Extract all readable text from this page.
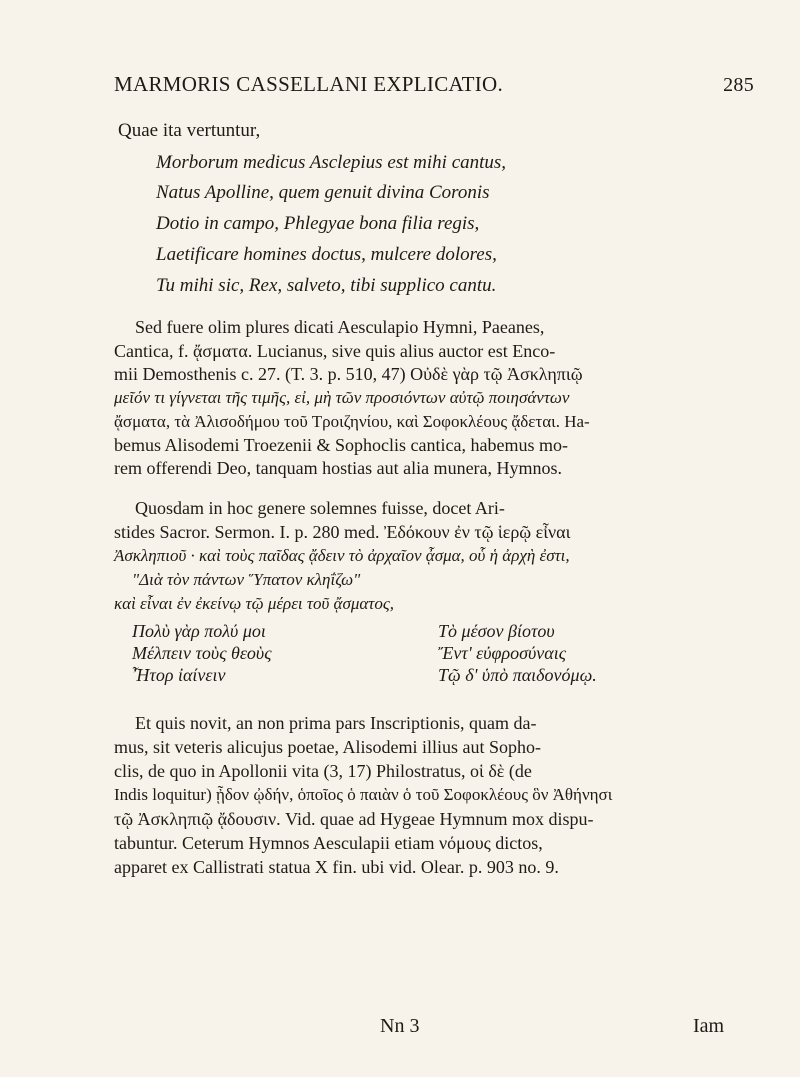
MARMORIS CASSELLANI EXPLICATIO.	285
Quae ita vertuntur,
Morborum medicus Asclepius est mihi cantus,
Natus Apolline, quem genuit divina Coronis
Dotio in campo, Phlegyae bona filia regis,
Laetificare homines doctus, mulcere dolores,
Tu mihi sic, Rex, salveto, tibi supplico cantu.
Sed fuere olim plures dicati Aesculapio Hymni, Paeanes,
Cantica, f. ᾄσματα. Lucianus, sive quis alius auctor est Enco-
mii Demosthenis c. 27. (T. 3. p. 510, 47) Οὐδὲ γὰρ τῷ Ἀσκληπιῷ
μεῖόν τι γίγνεται τῆς τιμῆς, εἰ, μὴ τῶν προσιόντων αὐτῷ ποιησάντων
ᾄσματα, τὰ Ἀλισοδήμου τοῦ Τροιζηνίου, καὶ Σοφοκλέους ᾄδεται. Ha-
bemus Alisodemi Troezenii & Sophoclis cantica, habemus mo-
rem offerendi Deo, tanquam hostias aut alia munera, Hymnos.
Quosdam in hoc genere solemnes fuisse, docet Ari-
stides Sacror. Sermon. I. p. 280 med. Ἐδόκουν ἐν τῷ ἱερῷ εἶναι
Ἀσκληπιοῦ · καὶ τοὺς παῖδας ᾄδειν τὸ ἀρχαῖον ᾆσμα, οὗ ἡ ἀρχὴ ἐστι,
"Διὰ τὸν πάντων Ὕπατον κληΐζω"
καὶ εἶναι ἐν ἐκείνῳ τῷ μέρει τοῦ ᾄσματος,
Πολὺ γὰρ πολύ μοι
Μέλπειν τοὺς θεοὺς
Ἦτορ ἰαίνειν
Τὸ μέσον βίοτου
Ἔντ' εὐφροσύναις
Τῷ δ' ὑπὸ παιδονόμῳ.
Et quis novit, an non prima pars Inscriptionis, quam da-
mus, sit veteris alicujus poetae, Alisodemi illius aut Sopho-
clis, de quo in Apollonii vita (3, 17) Philostratus, οἱ δὲ (de
Indis loquitur) ᾖδον ᾠδήν, ὁποῖος ὁ παιὰν ὁ τοῦ Σοφοκλέους ὃν Ἀθήνησι
τῷ Ἀσκληπιῷ ᾄδουσιν. Vid. quae ad Hygeae Hymnum mox dispu-
tabuntur. Ceterum Hymnos Aesculapii etiam νόμους dictos,
apparet ex Callistrati statua X fin. ubi vid. Olear. p. 903 no. 9.
Nn 3	Iam
